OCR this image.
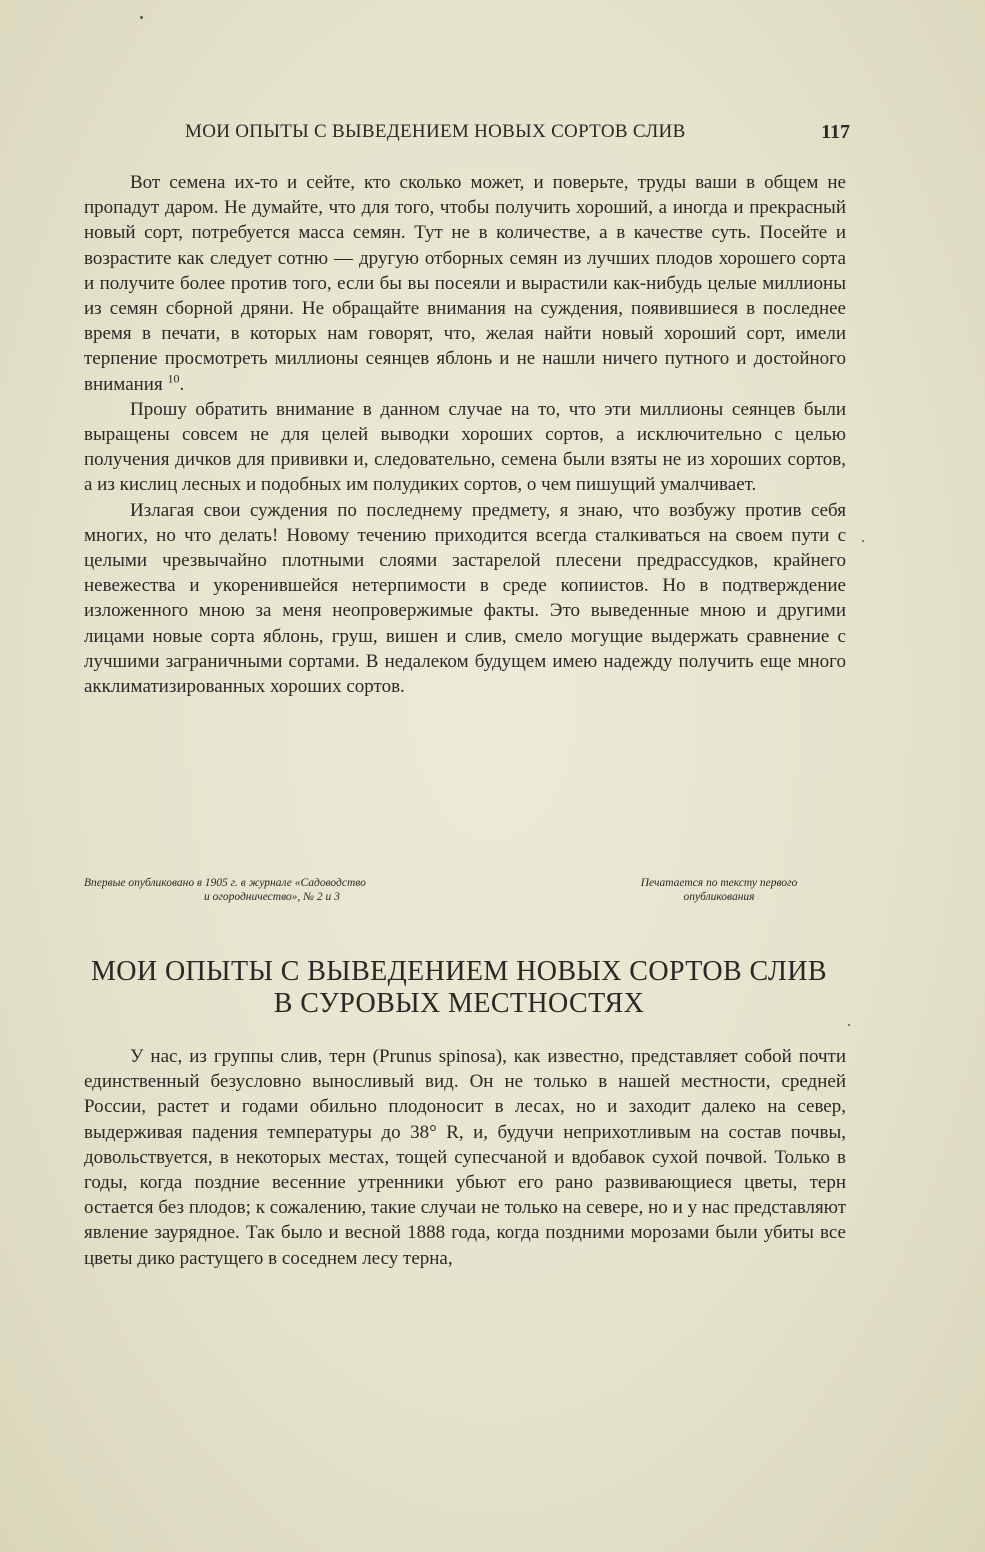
МОИ ОПЫТЫ С ВЫВЕДЕНИЕМ НОВЫХ СОРТОВ СЛИВ	117

Вот семена их-то и сейте, кто сколько может, и поверьте, труды ваши в общем не пропадут даром. Не думайте, что для того, чтобы получить хороший, а иногда и прекрасный новый сорт, потребуется масса семян. Тут не в количестве, а в качестве суть. Посейте и возрастите как следует сотню — другую отборных семян из лучших плодов хорошего сорта и получите более против того, если бы вы посеяли и вырастили как-нибудь целые миллионы из семян сборной дряни. Не обращайте внимания на суждения, появившиеся в последнее время в печати, в которых нам говорят, что, желая найти новый хороший сорт, имели терпение просмотреть миллионы сеянцев яблонь и не нашли ничего путного и достойного внимания $^{10}$.

Прошу обратить внимание в данном случае на то, что эти миллионы сеянцев были выращены совсем не для целей выводки хороших сортов, а исключительно с целью получения дичков для прививки и, следовательно, семена были взяты не из хороших сортов, а из кислиц лесных и подобных им полудиких сортов, о чем пишущий умалчивает.

Излагая свои суждения по последнему предмету, я знаю, что возбужу против себя многих, но что делать! Новому течению приходится всегда сталкиваться на своем пути с целыми чрезвычайно плотными слоями застарелой плесени предрассудков, крайнего невежества и укоренившейся нетерпимости в среде копиистов. Но в подтверждение изложенного мною за меня неопровержимые факты. Это выведенные мною и другими лицами новые сорта яблонь, груш, вишен и слив, смело могущие выдержать сравнение с лучшими заграничными сортами. В недалеком будущем имею надежду получить еще много акклиматизированных хороших сортов.

Впервые опубликовано в 1905 г. в журнале «Садоводство
и огородничество», № 2 и 3
Печатается по тексту первого
опубликования
МОИ ОПЫТЫ С ВЫВЕДЕНИЕМ НОВЫХ СОРТОВ СЛИВ
В СУРОВЫХ МЕСТНОСТЯХ

У нас, из группы слив, терн (Prunus spinosa), как известно, представляет собой почти единственный безусловно выносливый вид. Он не только в нашей местности, средней России, растет и годами обильно плодоносит в лесах, но и заходит далеко на север, выдерживая падения температуры до 38° R, и, будучи неприхотливым на состав почвы, довольствуется, в некоторых местах, тощей супесчаной и вдобавок сухой почвой. Только в годы, когда поздние весенние утренники убьют его рано развивающиеся цветы, терн остается без плодов; к сожалению, такие случаи не только на севере, но и у нас представляют явление заурядное. Так было и весной 1888 года, когда поздними морозами были убиты все цветы дико растущего в соседнем лесу терна,
